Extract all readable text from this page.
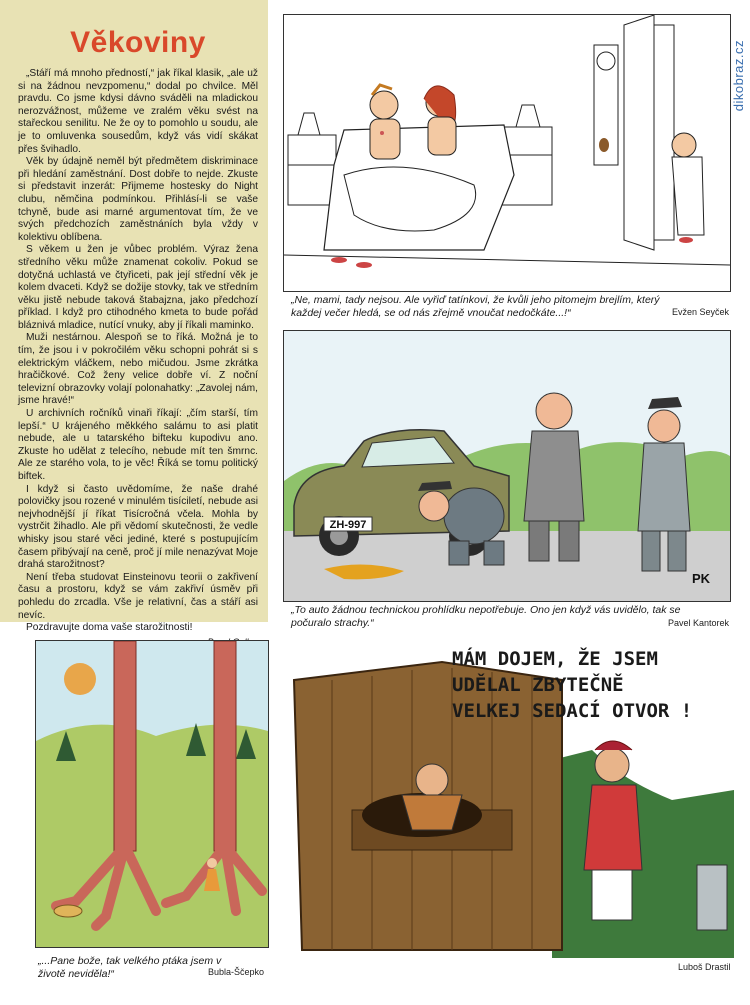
Věkoviny

„Stáří má mnoho předností,“ jak říkal klasik, „ale už si na žádnou nevzpomenu,“ dodal po chvilce. Měl pravdu. Co jsme kdysi dávno sváděli na mladickou nerozvážnost, můžeme ve zralém věku svést na stařeckou senilitu. Ne že oy to pomohlo u soudu, ale je to omluvenka sousedům, když vás vidí skákat přes švihadlo.

Věk by údajně neměl být předmětem diskriminace při hledání zaměstnání. Dost dobře to nejde. Zkuste si představit inzerát: Přijmeme hostesky do Night clubu, němčina podmínkou. Přihlásí-li se vaše tchyně, bude asi marné argumentovat tím, že ve svých předchozích zaměstnáních byla vždy v kolektivu oblíbena.

S věkem u žen je vůbec problém. Výraz žena středního věku může znamenat cokoliv. Pokud se dotyčná uchlastá ve čtyřiceti, pak její střední věk je kolem dvaceti. Když se dožije stovky, tak ve středním věku jistě nebude taková štabajzna, jako předchozí příklad. I když pro ctihodného kmeta to bude pořád bláznivá mladice, nutící vnuky, aby jí říkali maminko.

Muži nestárnou. Alespoň se to říká. Možná je to tím, že jsou i v pokročilém věku schopni pohrát si s elektrickým vláčkem, nebo mičudou. Jsme zkrátka hračičkové. Což ženy velice dobře ví. Z noční televizní obrazovky volají polonahatky: „Zavolej nám, jsme hravé!“

U archivních ročníků vinaři říkají: „čím starší, tím lepší.“ U krájeného měkkého salámu to asi platit nebude, ale u tatarského bifteku kupodivu ano. Zkuste ho udělat z telecího, nebude mít ten šmrnc. Ale ze starého vola, to je věc! Říká se tomu politický biftek.

I když si často uvědomíme, že naše drahé polovičky jsou rozené v minulém tisíciletí, nebude asi nejvhodnější jí říkat Tisícročná včela. Mohla by vystrčit žihadlo. Ale při vědomí skutečnosti, že vedle whisky jsou staré věci jediné, které s postupujícím časem přibývají na ceně, proč jí mile nenazývat Moje drahá starožitnost?

Není třeba studovat Einsteinovu teorii o zakřivení času a prostoru, když se vám zakřiví úsměv při pohledu do zrcadla. Vše je relativní, čas a stáří asi nevíc.

Pozdravujte doma vaše starožitnosti!

dikobraz.cz
„Ne, mami, tady nejsou. Ale vyřiď tatínkovi, že kvůli jeho pitomejm brejlím, který každej večer hledá, se od nás zřejmě vnoučat nedočkáte...!“	Evžen Seyček
ZH-997
PK
„To auto žádnou technickou prohlídku nepotřebuje. Ono jen když vás uvidělo, tak se počuralo strachy.“	Pavel Kantorek
„...Pane bože, tak velkého ptáka jsem v životě neviděla!“	Bubla-Ščepko
MÁM DOJEM, ŽE JSEM
UDĚLAL ZBYTEČNĚ
VELKEJ SEDACÍ OTVOR !
Luboš Drastil
